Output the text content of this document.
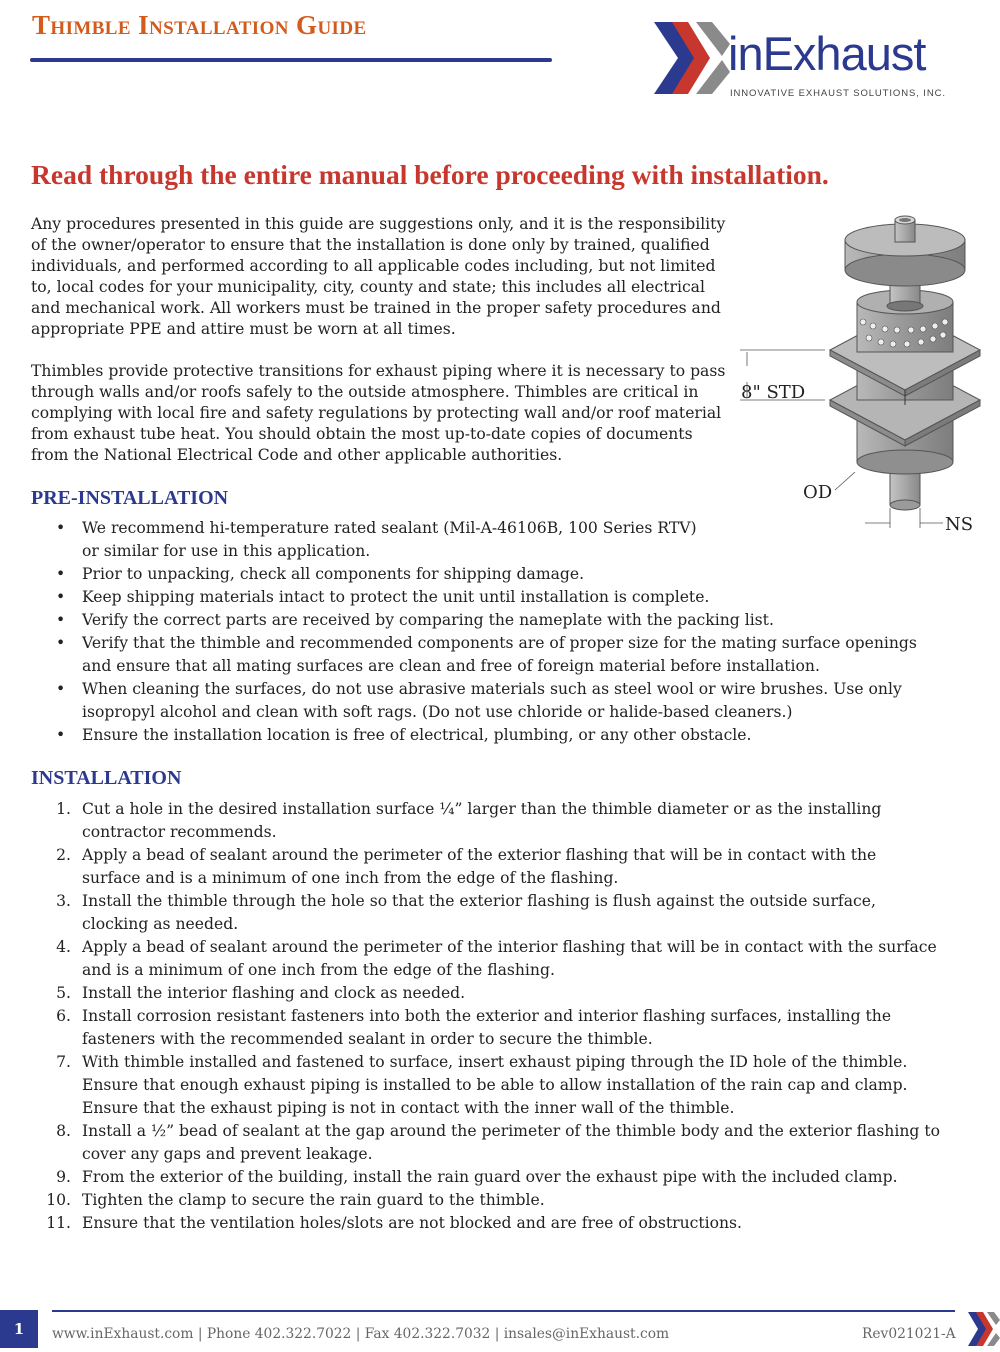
Thimble Installation Guide
inExhaust
INNOVATIVE EXHAUST SOLUTIONS, INC.
Read through the entire manual before proceeding with installation.

Any procedures presented in this guide are suggestions only, and it is the responsibility of the owner/operator to ensure that the installation is done only by trained, qualified individuals, and performed according to all applicable codes including, but not limited to, local codes for your municipality, city, county and state; this includes all electrical and mechanical work. All workers must be trained in the proper safety procedures and appropriate PPE and attire must be worn at all times.

Thimbles provide protective transitions for exhaust piping where it is necessary to pass through walls and/or roofs safely to the outside atmosphere. Thimbles are critical in complying with local fire and safety regulations by protecting wall and/or roof material from exhaust tube heat. You should obtain the most up-to-date copies of documents from the National Electrical Code and other applicable authorities.

8" STD
OD
NS
PRE-INSTALLATION
• We recommend hi-temperature rated sealant (Mil-A-46106B, 100 Series RTV) or similar for use in this application.
• Prior to unpacking, check all components for shipping damage.
• Keep shipping materials intact to protect the unit until installation is complete.
• Verify the correct parts are received by comparing the nameplate with the packing list.
• Verify that the thimble and recommended components are of proper size for the mating surface openings and ensure that all mating surfaces are clean and free of foreign material before installation.
• When cleaning the surfaces, do not use abrasive materials such as steel wool or wire brushes. Use only isopropyl alcohol and clean with soft rags. (Do not use chloride or halide-based cleaners.)
• Ensure the installation location is free of electrical, plumbing, or any other obstacle.
INSTALLATION
1. Cut a hole in the desired installation surface ¼” larger than the thimble diameter or as the installing contractor recommends.
2. Apply a bead of sealant around the perimeter of the exterior flashing that will be in contact with the surface and is a minimum of one inch from the edge of the flashing.
3. Install the thimble through the hole so that the exterior flashing is flush against the outside surface, clocking as needed.
4. Apply a bead of sealant around the perimeter of the interior flashing that will be in contact with the surface and is a minimum of one inch from the edge of the flashing.
5. Install the interior flashing and clock as needed.
6. Install corrosion resistant fasteners into both the exterior and interior flashing surfaces, installing the fasteners with the recommended sealant in order to secure the thimble.
7. With thimble installed and fastened to surface, insert exhaust piping through the ID hole of the thimble. Ensure that enough exhaust piping is installed to be able to allow installation of the rain cap and clamp. Ensure that the exhaust piping is not in contact with the inner wall of the thimble.
8. Install a ½” bead of sealant at the gap around the perimeter of the thimble body and the exterior flashing to cover any gaps and prevent leakage.
9. From the exterior of the building, install the rain guard over the exhaust pipe with the included clamp.
10. Tighten the clamp to secure the rain guard to the thimble.
11. Ensure that the ventilation holes/slots are not blocked and are free of obstructions.
1	www.inExhaust.com | Phone 402.322.7022 | Fax 402.322.7032 | insales@inExhaust.com	Rev021021-A
